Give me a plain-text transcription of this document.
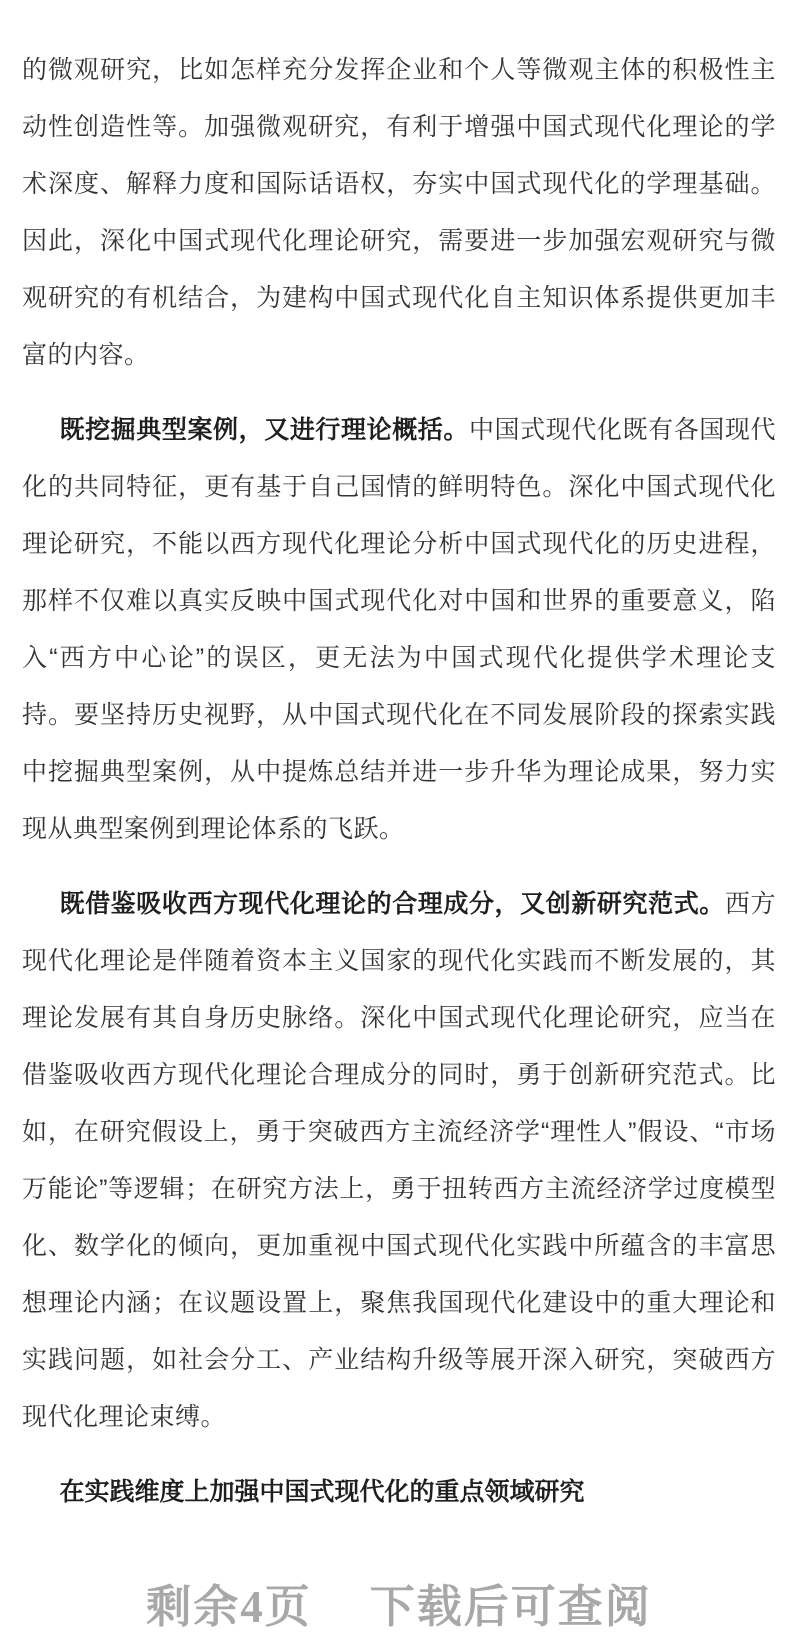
的微观研究，比如怎样充分发挥企业和个人等微观主体的积极性主动性创造性等。加强微观研究，有利于增强中国式现代化理论的学术深度、解释力度和国际话语权，夯实中国式现代化的学理基础。因此，深化中国式现代化理论研究，需要进一步加强宏观研究与微观研究的有机结合，为建构中国式现代化自主知识体系提供更加丰富的内容。

既挖掘典型案例，又进行理论概括。中国式现代化既有各国现代化的共同特征，更有基于自己国情的鲜明特色。深化中国式现代化理论研究，不能以西方现代化理论分析中国式现代化的历史进程，那样不仅难以真实反映中国式现代化对中国和世界的重要意义，陷入“西方中心论”的误区，更无法为中国式现代化提供学术理论支持。要坚持历史视野，从中国式现代化在不同发展阶段的探索实践中挖掘典型案例，从中提炼总结并进一步升华为理论成果，努力实现从典型案例到理论体系的飞跃。

既借鉴吸收西方现代化理论的合理成分，又创新研究范式。西方现代化理论是伴随着资本主义国家的现代化实践而不断发展的，其理论发展有其自身历史脉络。深化中国式现代化理论研究，应当在借鉴吸收西方现代化理论合理成分的同时，勇于创新研究范式。比如，在研究假设上，勇于突破西方主流经济学“理性人”假设、“市场万能论”等逻辑；在研究方法上，勇于扭转西方主流经济学过度模型化、数学化的倾向，更加重视中国式现代化实践中所蕴含的丰富思想理论内涵；在议题设置上，聚焦我国现代化建设中的重大理论和实践问题，如社会分工、产业结构升级等展开深入研究，突破西方现代化理论束缚。

在实践维度上加强中国式现代化的重点领域研究
剩余4页 下载后可查阅
